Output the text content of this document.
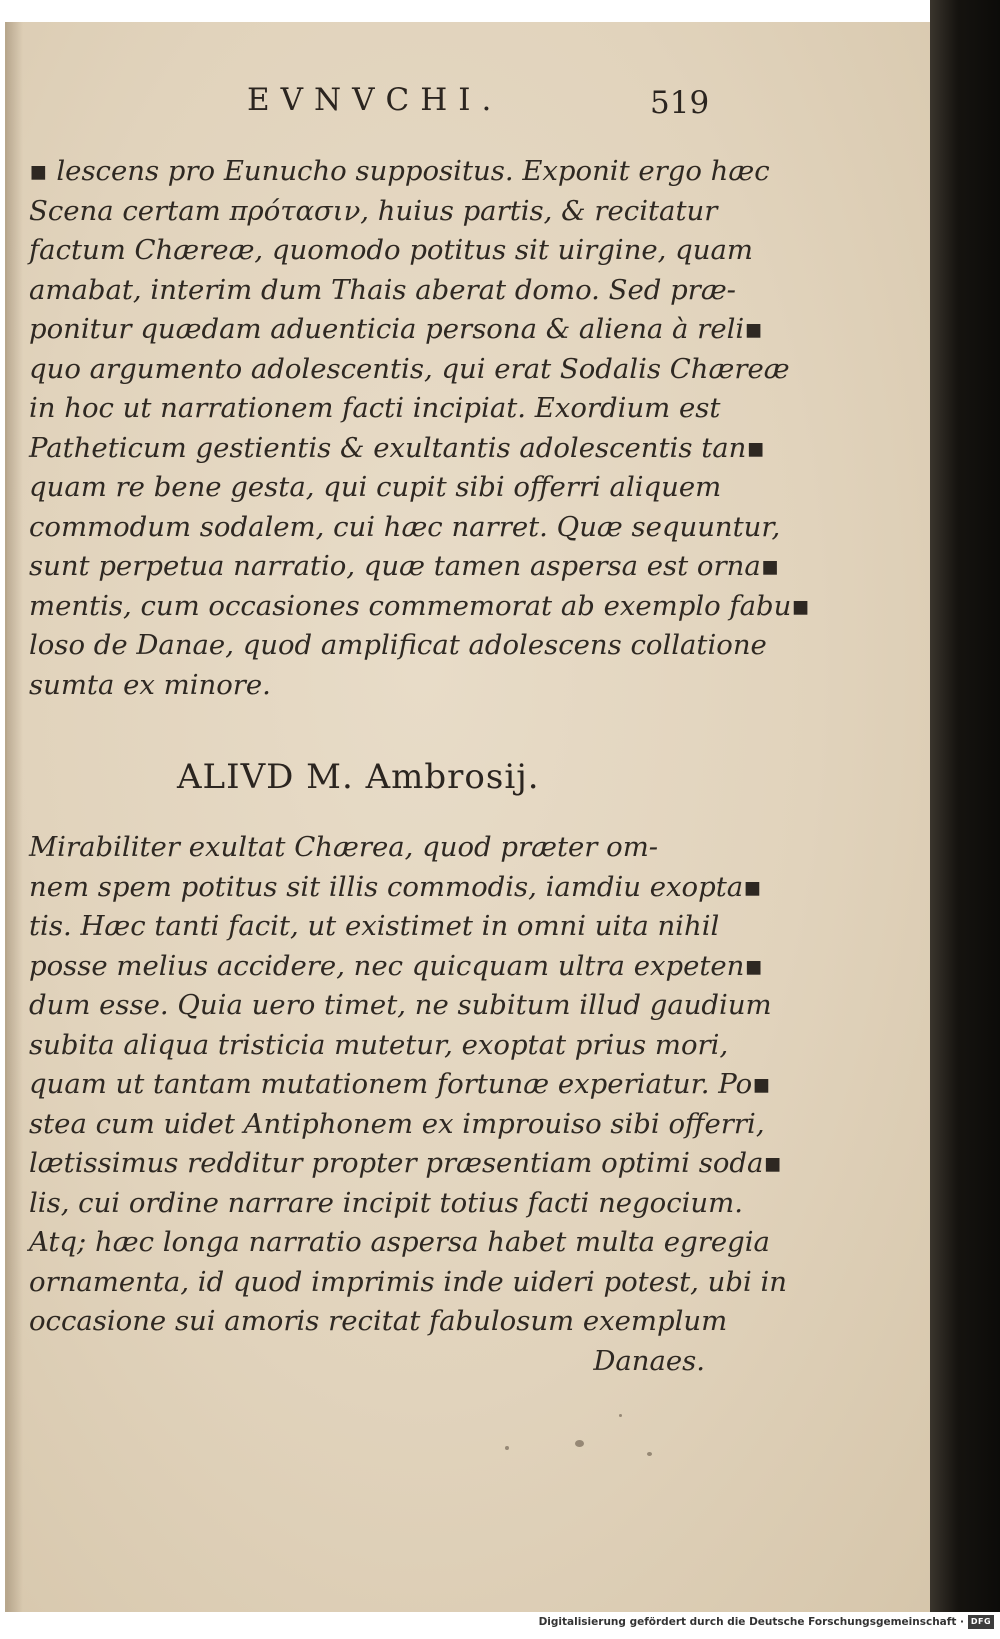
EVNVCHI.	519
▪ lescens pro Eunucho suppositus. Exponit ergo hæc
Scena certam πρότασιν, huius partis, & recitatur
factum Chæreæ, quomodo potitus sit uirgine, quam
amabat, interim dum Thais aberat domo. Sed præ-
ponitur quædam aduenticia persona & aliena à reli▪
quo argumento adolescentis, qui erat Sodalis Chæreæ
in hoc ut narrationem facti incipiat. Exordium est
Patheticum gestientis & exultantis adolescentis tan▪
quam re bene gesta, qui cupit sibi offerri aliquem
commodum sodalem, cui hæc narret. Quæ sequuntur,
sunt perpetua narratio, quæ tamen aspersa est orna▪
mentis, cum occasiones commemorat ab exemplo fabu▪
loso de Danae, quod amplificat adolescens collatione
sumta ex minore.
ALIVD M. Ambrosij.
Mirabiliter exultat Chærea, quod præter om-
nem spem potitus sit illis commodis, iamdiu exopta▪
tis. Hæc tanti facit, ut existimet in omni uita nihil
posse melius accidere, nec quicquam ultra expeten▪
dum esse. Quia uero timet, ne subitum illud gaudium
subita aliqua tristicia mutetur, exoptat prius mori,
quam ut tantam mutationem fortunæ experiatur. Po▪
stea cum uidet Antiphonem ex improuiso sibi offerri,
lætissimus redditur propter præsentiam optimi soda▪
lis, cui ordine narrare incipit totius facti negocium.
Atq; hæc longa narratio aspersa habet multa egregia
ornamenta, id quod imprimis inde uideri potest, ubi in
occasione sui amoris recitat fabulosum exemplum
Danaes.
Digitalisierung gefördert durch die Deutsche Forschungsgemeinschaft · DFG
